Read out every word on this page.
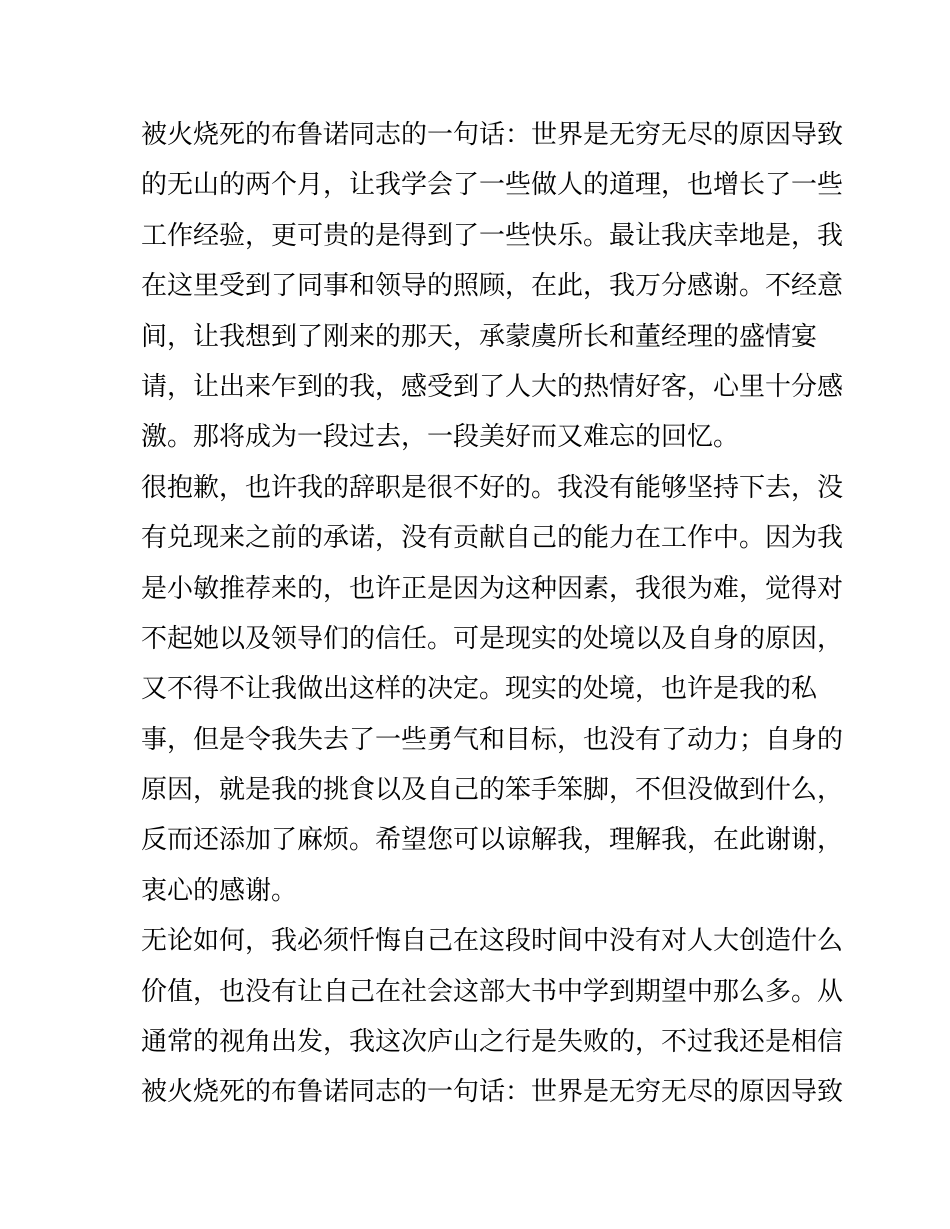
被火烧死的布鲁诺同志的一句话：世界是无穷无尽的原因导致
的无山的两个月，让我学会了一些做人的道理，也增长了一些
工作经验，更可贵的是得到了一些快乐。最让我庆幸地是，我
在这里受到了同事和领导的照顾，在此，我万分感谢。不经意
间，让我想到了刚来的那天，承蒙虞所长和董经理的盛情宴
请，让出来乍到的我，感受到了人大的热情好客，心里十分感
激。那将成为一段过去，一段美好而又难忘的回忆。
很抱歉，也许我的辞职是很不好的。我没有能够坚持下去，没
有兑现来之前的承诺，没有贡献自己的能力在工作中。因为我
是小敏推荐来的，也许正是因为这种因素，我很为难，觉得对
不起她以及领导们的信任。可是现实的处境以及自身的原因，
又不得不让我做出这样的决定。现实的处境，也许是我的私
事，但是令我失去了一些勇气和目标，也没有了动力；自身的
原因，就是我的挑食以及自己的笨手笨脚，不但没做到什么，
反而还添加了麻烦。希望您可以谅解我，理解我，在此谢谢，
衷心的感谢。
无论如何，我必须忏悔自己在这段时间中没有对人大创造什么
价值，也没有让自己在社会这部大书中学到期望中那么多。从
通常的视角出发，我这次庐山之行是失败的，不过我还是相信
被火烧死的布鲁诺同志的一句话：世界是无穷无尽的原因导致
